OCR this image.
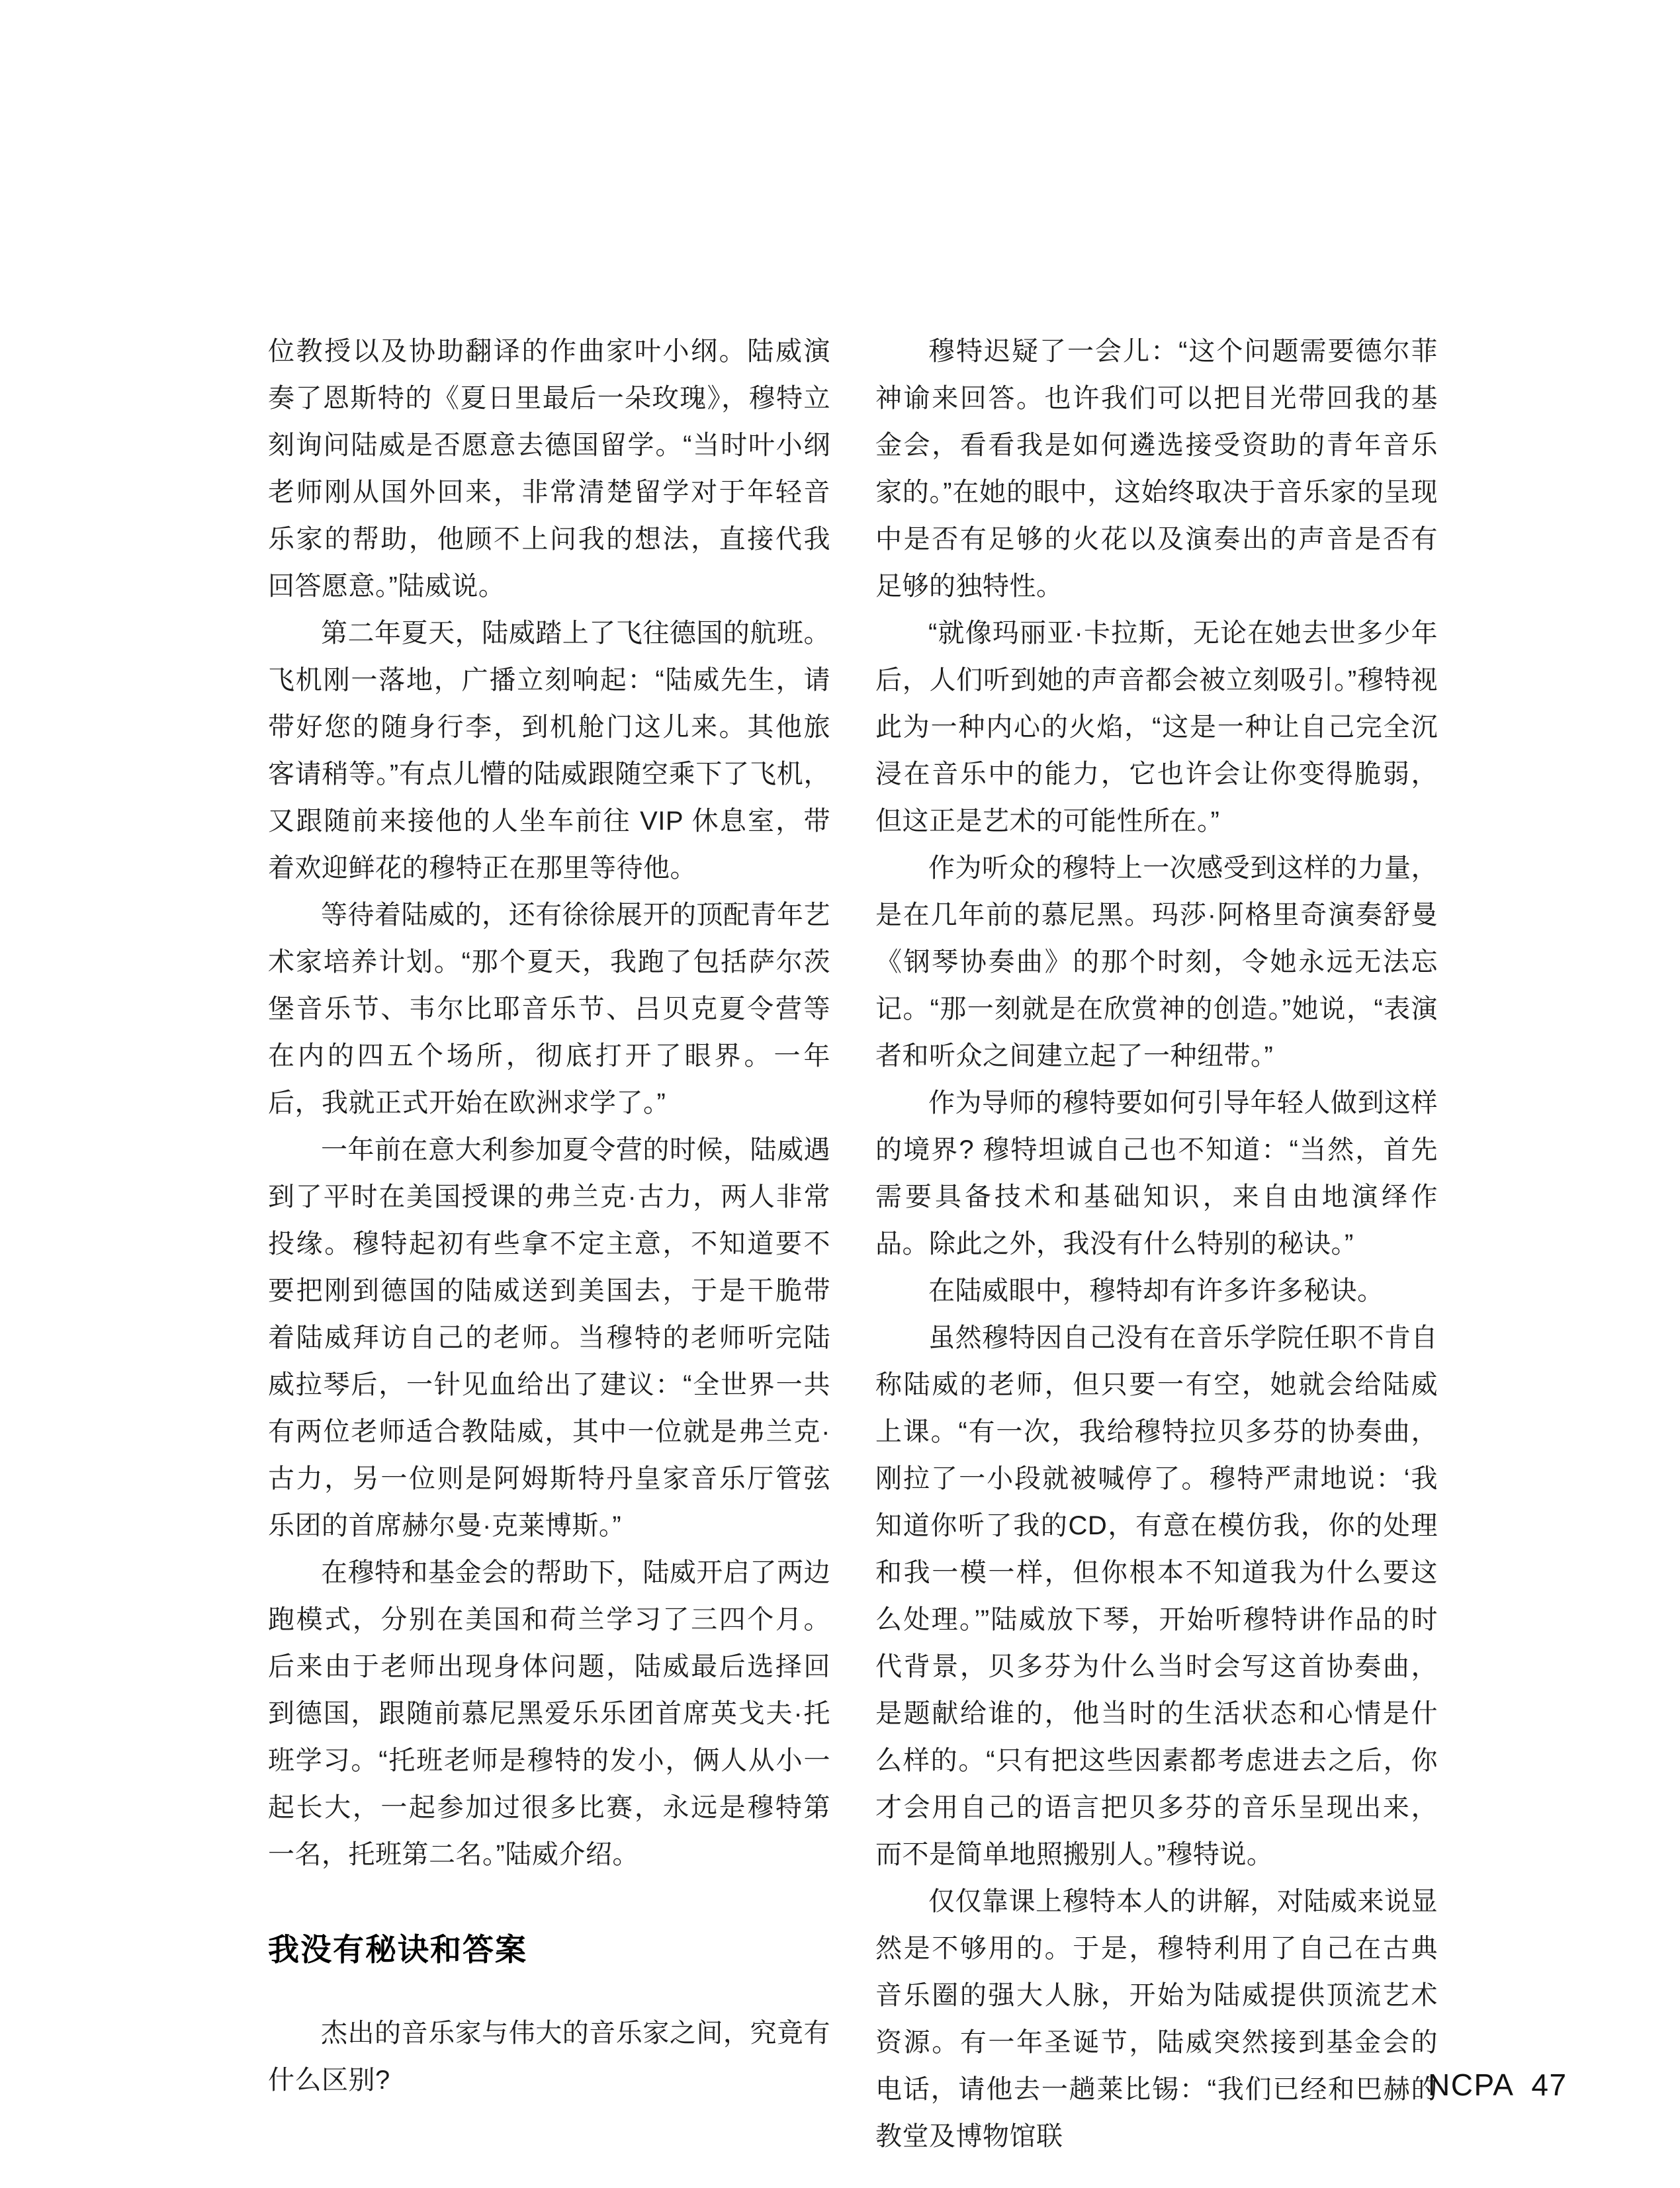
位教授以及协助翻译的作曲家叶小纲。陆威演奏了恩斯特的《夏日里最后一朵玫瑰》，穆特立刻询问陆威是否愿意去德国留学。“当时叶小纲老师刚从国外回来，非常清楚留学对于年轻音乐家的帮助，他顾不上问我的想法，直接代我回答愿意。”陆威说。

第二年夏天，陆威踏上了飞往德国的航班。飞机刚一落地，广播立刻响起：“陆威先生，请带好您的随身行李，到机舱门这儿来。其他旅客请稍等。”有点儿懵的陆威跟随空乘下了飞机，又跟随前来接他的人坐车前往 VIP 休息室，带着欢迎鲜花的穆特正在那里等待他。

等待着陆威的，还有徐徐展开的顶配青年艺术家培养计划。“那个夏天，我跑了包括萨尔茨堡音乐节、韦尔比耶音乐节、吕贝克夏令营等在内的四五个场所，彻底打开了眼界。一年后，我就正式开始在欧洲求学了。”

一年前在意大利参加夏令营的时候，陆威遇到了平时在美国授课的弗兰克·古力，两人非常投缘。穆特起初有些拿不定主意，不知道要不要把刚到德国的陆威送到美国去，于是干脆带着陆威拜访自己的老师。当穆特的老师听完陆威拉琴后，一针见血给出了建议：“全世界一共有两位老师适合教陆威，其中一位就是弗兰克·古力，另一位则是阿姆斯特丹皇家音乐厅管弦乐团的首席赫尔曼·克莱博斯。”

在穆特和基金会的帮助下，陆威开启了两边跑模式，分别在美国和荷兰学习了三四个月。后来由于老师出现身体问题，陆威最后选择回到德国，跟随前慕尼黑爱乐乐团首席英戈夫·托班学习。“托班老师是穆特的发小，俩人从小一起长大，一起参加过很多比赛，永远是穆特第一名，托班第二名。”陆威介绍。

我没有秘诀和答案

杰出的音乐家与伟大的音乐家之间，究竟有什么区别?

穆特迟疑了一会儿：“这个问题需要德尔菲神谕来回答。也许我们可以把目光带回我的基金会，看看我是如何遴选接受资助的青年音乐家的。”在她的眼中，这始终取决于音乐家的呈现中是否有足够的火花以及演奏出的声音是否有足够的独特性。

“就像玛丽亚·卡拉斯，无论在她去世多少年后，人们听到她的声音都会被立刻吸引。”穆特视此为一种内心的火焰，“这是一种让自己完全沉浸在音乐中的能力，它也许会让你变得脆弱，但这正是艺术的可能性所在。”

作为听众的穆特上一次感受到这样的力量，是在几年前的慕尼黑。玛莎·阿格里奇演奏舒曼《钢琴协奏曲》的那个时刻，令她永远无法忘记。“那一刻就是在欣赏神的创造。”她说，“表演者和听众之间建立起了一种纽带。”

作为导师的穆特要如何引导年轻人做到这样的境界? 穆特坦诚自己也不知道：“当然，首先需要具备技术和基础知识，来自由地演绎作品。除此之外，我没有什么特别的秘诀。”

在陆威眼中，穆特却有许多许多秘诀。

虽然穆特因自己没有在音乐学院任职不肯自称陆威的老师，但只要一有空，她就会给陆威上课。“有一次，我给穆特拉贝多芬的协奏曲，刚拉了一小段就被喊停了。穆特严肃地说：‘我知道你听了我的CD，有意在模仿我，你的处理和我一模一样，但你根本不知道我为什么要这么处理。’”陆威放下琴，开始听穆特讲作品的时代背景，贝多芬为什么当时会写这首协奏曲，是题献给谁的，他当时的生活状态和心情是什么样的。“只有把这些因素都考虑进去之后，你才会用自己的语言把贝多芬的音乐呈现出来，而不是简单地照搬别人。”穆特说。

仅仅靠课上穆特本人的讲解，对陆威来说显然是不够用的。于是，穆特利用了自己在古典音乐圈的强大人脉，开始为陆威提供顶流艺术资源。有一年圣诞节，陆威突然接到基金会的电话，请他去一趟莱比锡：“我们已经和巴赫的教堂及博物馆联

NCPA 47
